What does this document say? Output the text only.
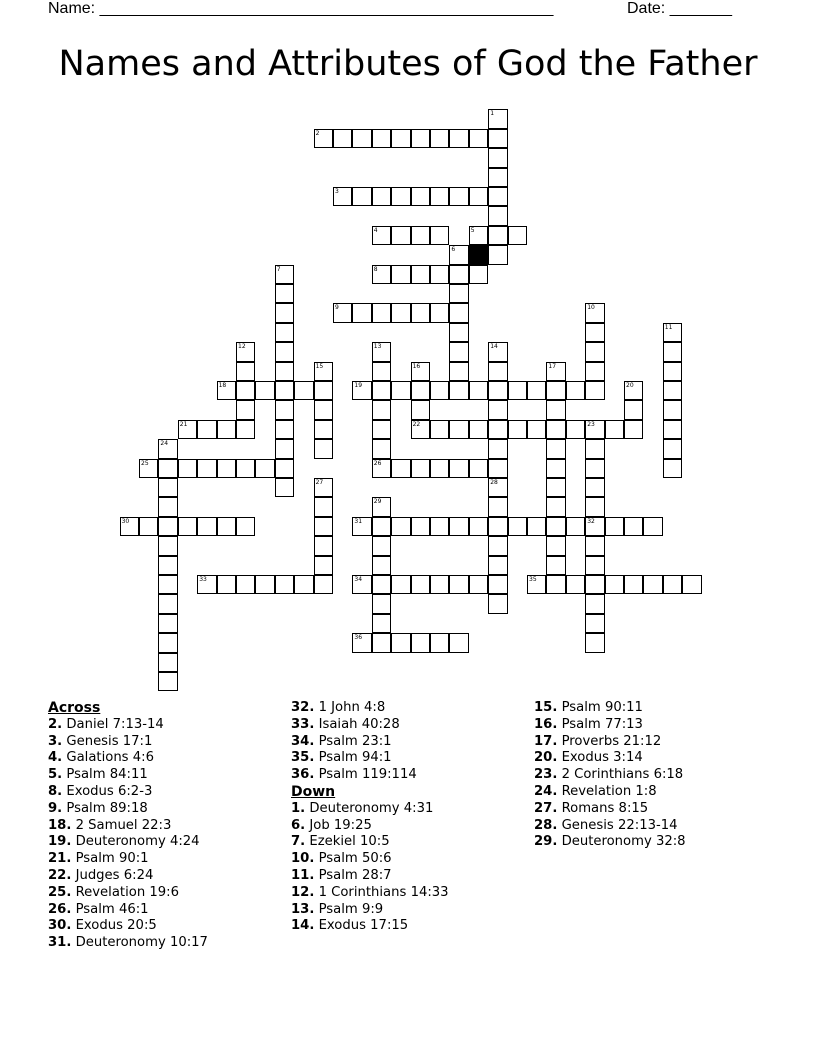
Name: ___________________________________________________	Date: _______
Names and Attributes of God the Father
1
2
3
4	5
6
7	8
9	10
11
12	13
26
14
15	16
22
17
18	19	20
21	23
32
24
25
27	28
29
30	31
33	34	35
36
Across
2. Daniel 7:13-14
3. Genesis 17:1
4. Galations 4:6
5. Psalm 84:11
8. Exodus 6:2-3
9. Psalm 89:18
18. 2 Samuel 22:3
19. Deuteronomy 4:24
21. Psalm 90:1
22. Judges 6:24
25. Revelation 19:6
26. Psalm 46:1
30. Exodus 20:5
31. Deuteronomy 10:17
32. 1 John 4:8
33. Isaiah 40:28
34. Psalm 23:1
35. Psalm 94:1
36. Psalm 119:114
Down
1. Deuteronomy 4:31
6. Job 19:25
7. Ezekiel 10:5
10. Psalm 50:6
11. Psalm 28:7
12. 1 Corinthians 14:33
13. Psalm 9:9
14. Exodus 17:15
15. Psalm 90:11
16. Psalm 77:13
17. Proverbs 21:12
20. Exodus 3:14
23. 2 Corinthians 6:18
24. Revelation 1:8
27. Romans 8:15
28. Genesis 22:13-14
29. Deuteronomy 32:8
